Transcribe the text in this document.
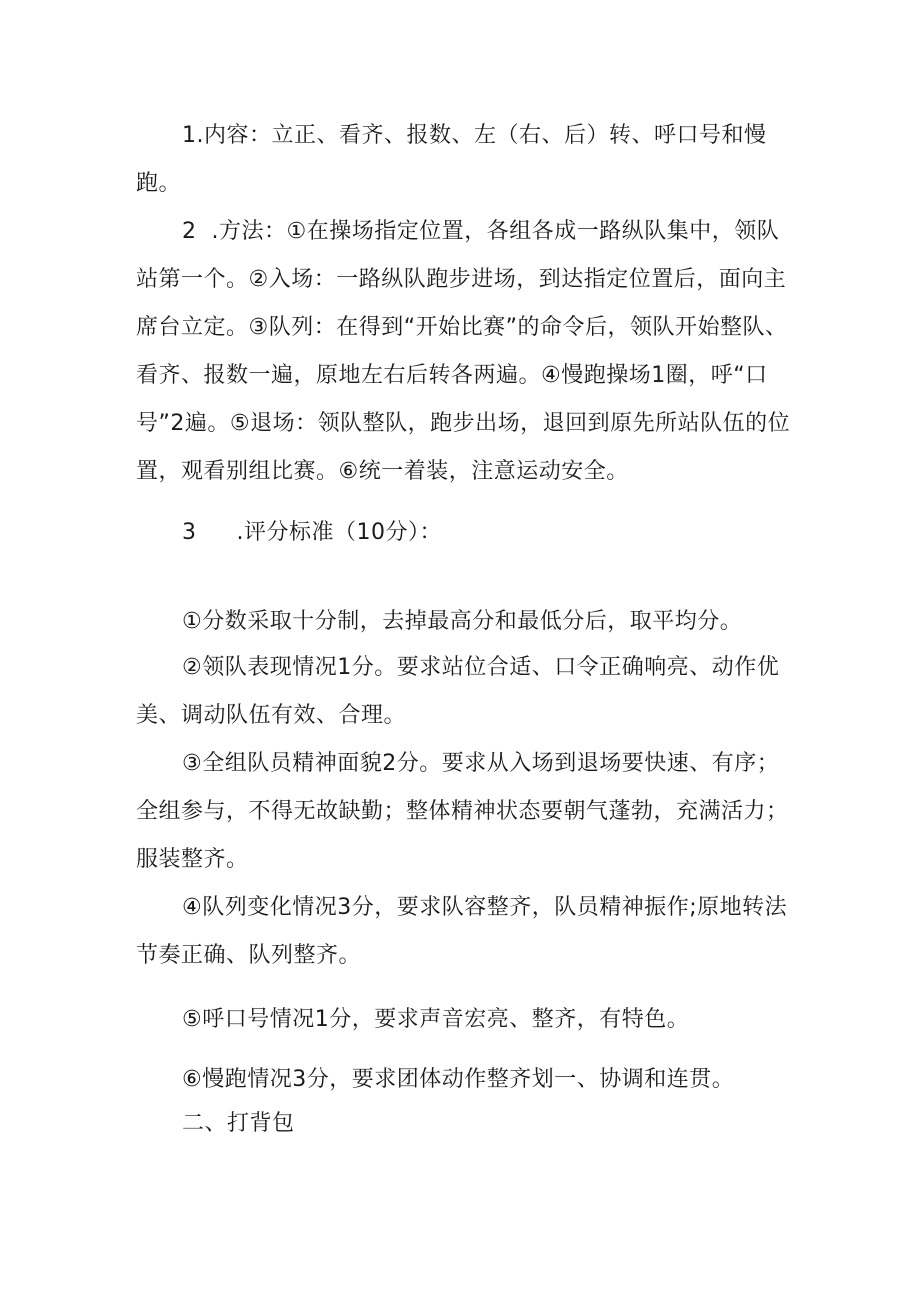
1.内容：立正、看齐、报数、左（右、后）转、呼口号和慢跑。

2  .方法：①在操场指定位置，各组各成一路纵队集中，领队站第一个。②入场：一路纵队跑步进场，到达指定位置后，面向主席台立定。③队列：在得到“开始比赛”的命令后，领队开始整队、看齐、报数一遍，原地左右后转各两遍。④慢跑操场1圈，呼“口号”2遍。⑤退场：领队整队，跑步出场，退回到原先所站队伍的位置，观看别组比赛。⑥统一着装，注意运动安全。

3 .评分标准（10分）：

①分数采取十分制，去掉最高分和最低分后，取平均分。

②领队表现情况1分。要求站位合适、口令正确响亮、动作优美、调动队伍有效、合理。

③全组队员精神面貌2分。要求从入场到退场要快速、有序；全组参与，不得无故缺勤；整体精神状态要朝气蓬勃，充满活力；服装整齐。

④队列变化情况3分，要求队容整齐，队员精神振作;原地转法节奏正确、队列整齐。

⑤呼口号情况1分，要求声音宏亮、整齐，有特色。

⑥慢跑情况3分，要求团体动作整齐划一、协调和连贯。

二、打背包
